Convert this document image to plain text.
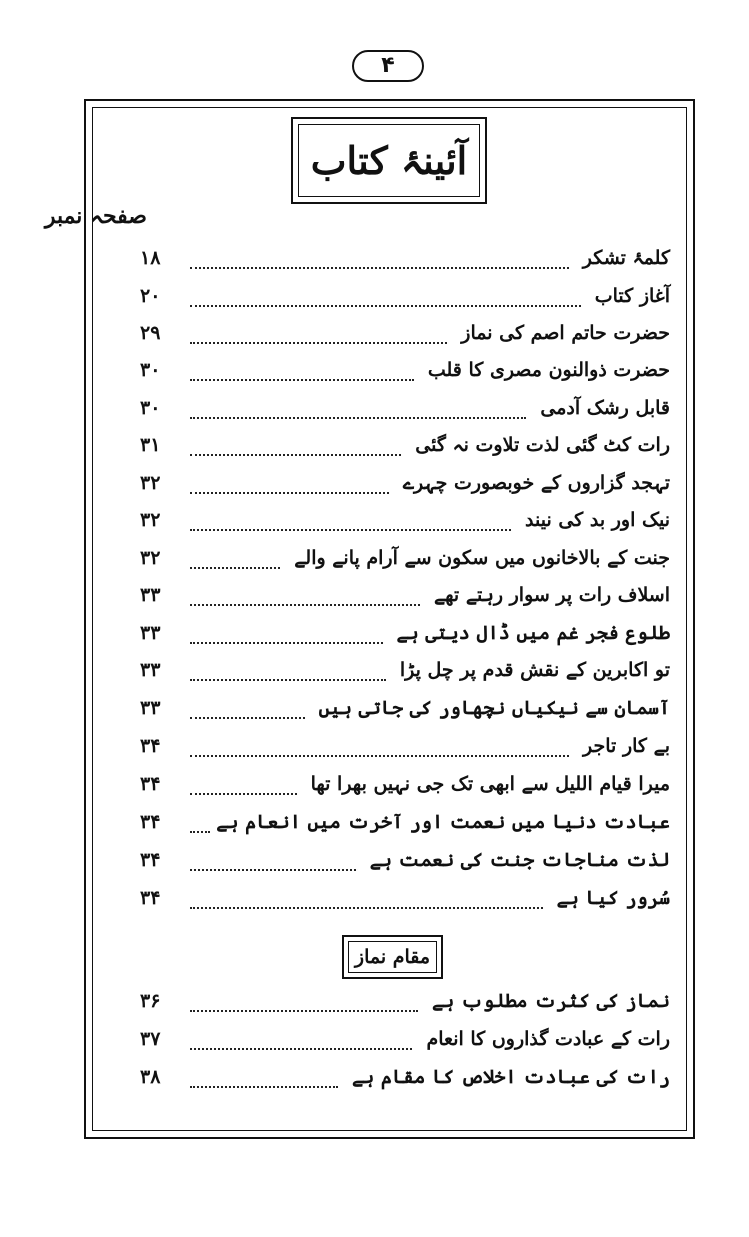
۴
آئینۂ کتاب
صفحہ نمبر
۱۸	کلمۂ تشکر
۲۰	آغاز کتاب
۲۹	حضرت حاتم اصم کی نماز
۳۰	حضرت ذوالنون مصری کا قلب
۳۰	قابل رشک آدمی
۳۱	رات کٹ گئی لذت تلاوت نہ گئی
۳۲	تہجد گزاروں کے خوبصورت چہرے
۳۲	نیک اور بد کی نیند
۳۲	جنت کے بالاخانوں میں سکون سے آرام پانے والے
۳۳	اسلاف رات پر سوار رہتے تھے
۳۳	طلوع فجر غم میں ڈال دیتی ہے
۳۳	تو اکابرین کے نقش قدم پر چل پڑا
۳۳	آسمان سے نیکیاں نچھاور کی جاتی ہیں
۳۴	بے کار تاجر
۳۴	میرا قیام اللیل سے ابھی تک جی نہیں بھرا تھا
۳۴	عبادت دنیا میں نعمت اور آخرت میں انعام ہے
۳۴	لذت مناجات جنت کی نعمت ہے
۳۴	سُرور کیا ہے
مقام نماز
۳۶	نماز کی کثرت مطلوب ہے
۳۷	رات کے عبادت گذاروں کا انعام
۳۸	رات کی عبادت اخلاص کا مقام ہے
